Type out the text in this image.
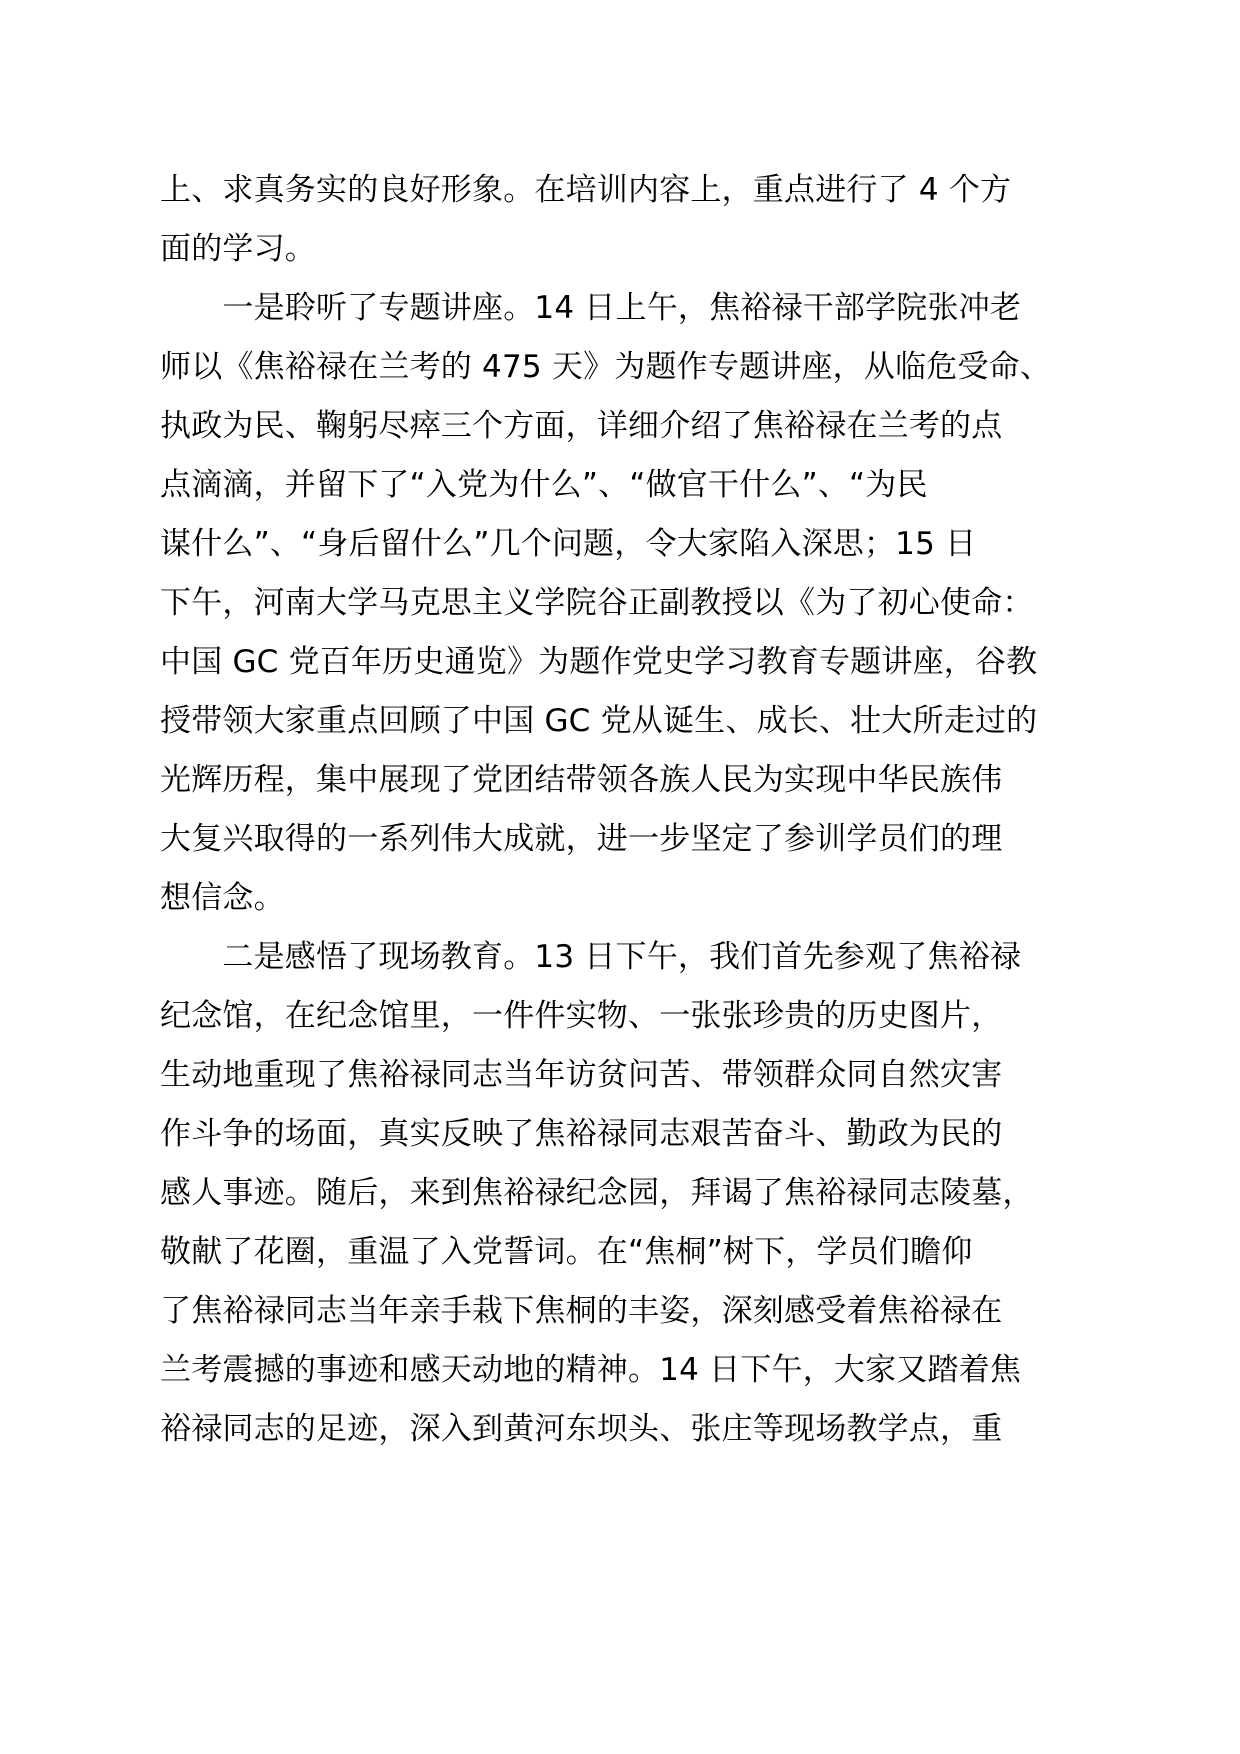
上、求真务实的良好形象。在培训内容上，重点进行了 4 个方
面的学习。
　　一是聆听了专题讲座。14 日上午，焦裕禄干部学院张冲老
师以《焦裕禄在兰考的 475 天》为题作专题讲座，从临危受命、
执政为民、鞠躬尽瘁三个方面，详细介绍了焦裕禄在兰考的点
点滴滴，并留下了“入党为什么”、“做官干什么”、“为民
谋什么”、“身后留什么”几个问题，令大家陷入深思；15 日
下午，河南大学马克思主义学院谷正副教授以《为了初心使命：
中国 GC 党百年历史通览》为题作党史学习教育专题讲座，谷教
授带领大家重点回顾了中国 GC 党从诞生、成长、壮大所走过的
光辉历程，集中展现了党团结带领各族人民为实现中华民族伟
大复兴取得的一系列伟大成就，进一步坚定了参训学员们的理
想信念。
　　二是感悟了现场教育。13 日下午，我们首先参观了焦裕禄
纪念馆，在纪念馆里，一件件实物、一张张珍贵的历史图片，
生动地重现了焦裕禄同志当年访贫问苦、带领群众同自然灾害
作斗争的场面，真实反映了焦裕禄同志艰苦奋斗、勤政为民的
感人事迹。随后，来到焦裕禄纪念园，拜谒了焦裕禄同志陵墓，
敬献了花圈，重温了入党誓词。在“焦桐”树下，学员们瞻仰
了焦裕禄同志当年亲手栽下焦桐的丰姿，深刻感受着焦裕禄在
兰考震撼的事迹和感天动地的精神。14 日下午，大家又踏着焦
裕禄同志的足迹，深入到黄河东坝头、张庄等现场教学点，重
